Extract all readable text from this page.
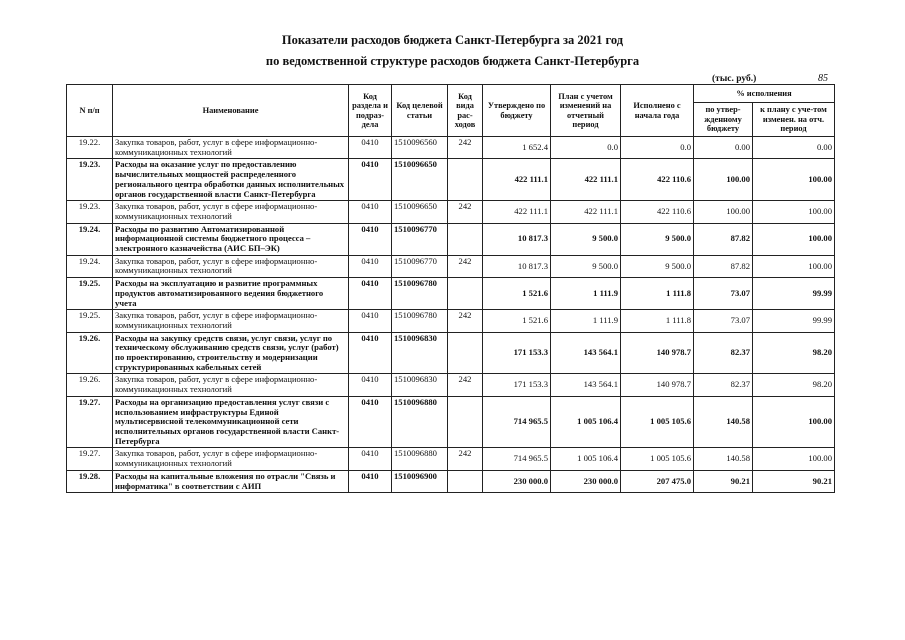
Показатели расходов бюджета Санкт-Петербурга за 2021 год
по ведомственной структуре расходов бюджета Санкт-Петербурга
(тыс. руб.)	85
N п/п	Наименование	Код раздела и подраз-дела	Код целевой статьи	Код вида рас-ходов	Утверждено по бюджету	План с учетом изменений на отчетный период	Исполнено с начала года	% исполнения	
								по утвер-жденному бюджету	к плану с уче-том изменен. на отч. период
19.22.	Закупка товаров, работ, услуг в сфере информационно-коммуникационных технологий	0410	1510096560	242	1 652.4	0.0	0.0	0.00	0.00
19.23.	Расходы на оказание услуг по предоставлению вычислительных мощностей распределенного регионального центра обработки данных исполнительных органов государственной власти Санкт-Петербурга	0410	1510096650		422 111.1	422 111.1	422 110.6	100.00	100.00
19.23.	Закупка товаров, работ, услуг в сфере информационно-коммуникационных технологий	0410	1510096650	242	422 111.1	422 111.1	422 110.6	100.00	100.00
19.24.	Расходы по развитию Автоматизированной информационной системы бюджетного процесса – электронного казначейства (АИС БП–ЭК)	0410	1510096770		10 817.3	9 500.0	9 500.0	87.82	100.00
19.24.	Закупка товаров, работ, услуг в сфере информационно-коммуникационных технологий	0410	1510096770	242	10 817.3	9 500.0	9 500.0	87.82	100.00
19.25.	Расходы на эксплуатацию и развитие программных продуктов автоматизированного ведения бюджетного учета	0410	1510096780		1 521.6	1 111.9	1 111.8	73.07	99.99
19.25.	Закупка товаров, работ, услуг в сфере информационно-коммуникационных технологий	0410	1510096780	242	1 521.6	1 111.9	1 111.8	73.07	99.99
19.26.	Расходы на закупку средств связи, услуг связи, услуг по техническому обслуживанию средств связи, услуг (работ) по проектированию, строительству и модернизации структурированных кабельных сетей	0410	1510096830		171 153.3	143 564.1	140 978.7	82.37	98.20
19.26.	Закупка товаров, работ, услуг в сфере информационно-коммуникационных технологий	0410	1510096830	242	171 153.3	143 564.1	140 978.7	82.37	98.20
19.27.	Расходы на организацию предоставления услуг связи с использованием инфраструктуры Единой мультисервисной телекоммуникационной сети исполнительных органов государственной власти Санкт-Петербурга	0410	1510096880		714 965.5	1 005 106.4	1 005 105.6	140.58	100.00
19.27.	Закупка товаров, работ, услуг в сфере информационно-коммуникационных технологий	0410	1510096880	242	714 965.5	1 005 106.4	1 005 105.6	140.58	100.00
19.28.	Расходы на капитальные вложения по отрасли "Связь и информатика" в соответствии с АИП	0410	1510096900		230 000.0	230 000.0	207 475.0	90.21	90.21
